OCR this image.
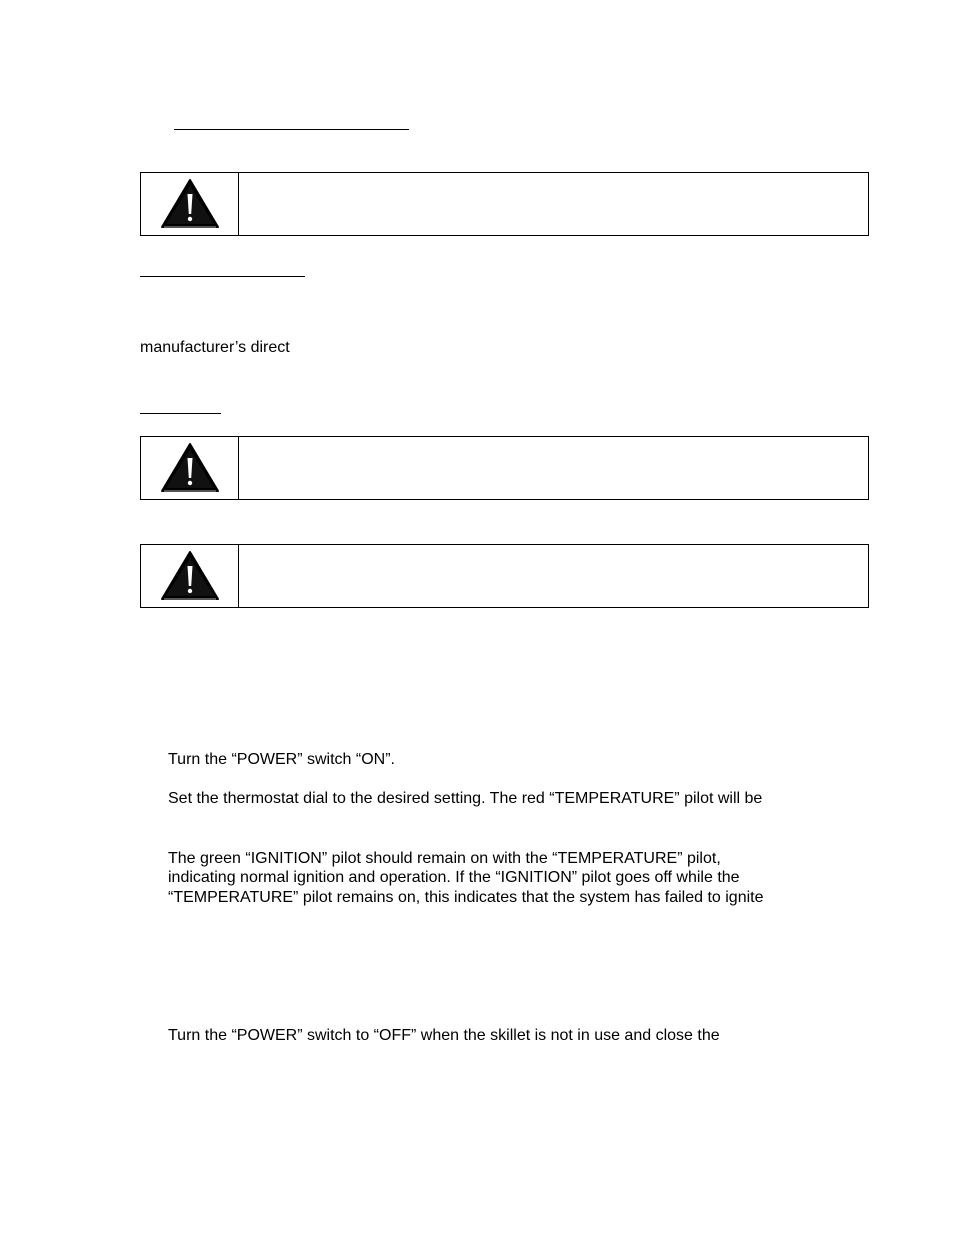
manufacturer’s direct
Turn the “POWER” switch “ON”.
Set the thermostat dial to the desired setting. The red “TEMPERATURE” pilot will be
The green “IGNITION” pilot should remain on with the “TEMPERATURE” pilot,
indicating normal ignition and operation. If the “IGNITION” pilot goes off while the
“TEMPERATURE” pilot remains on, this indicates that the system has failed to ignite
Turn the “POWER” switch to “OFF” when the skillet is not in use and close the
